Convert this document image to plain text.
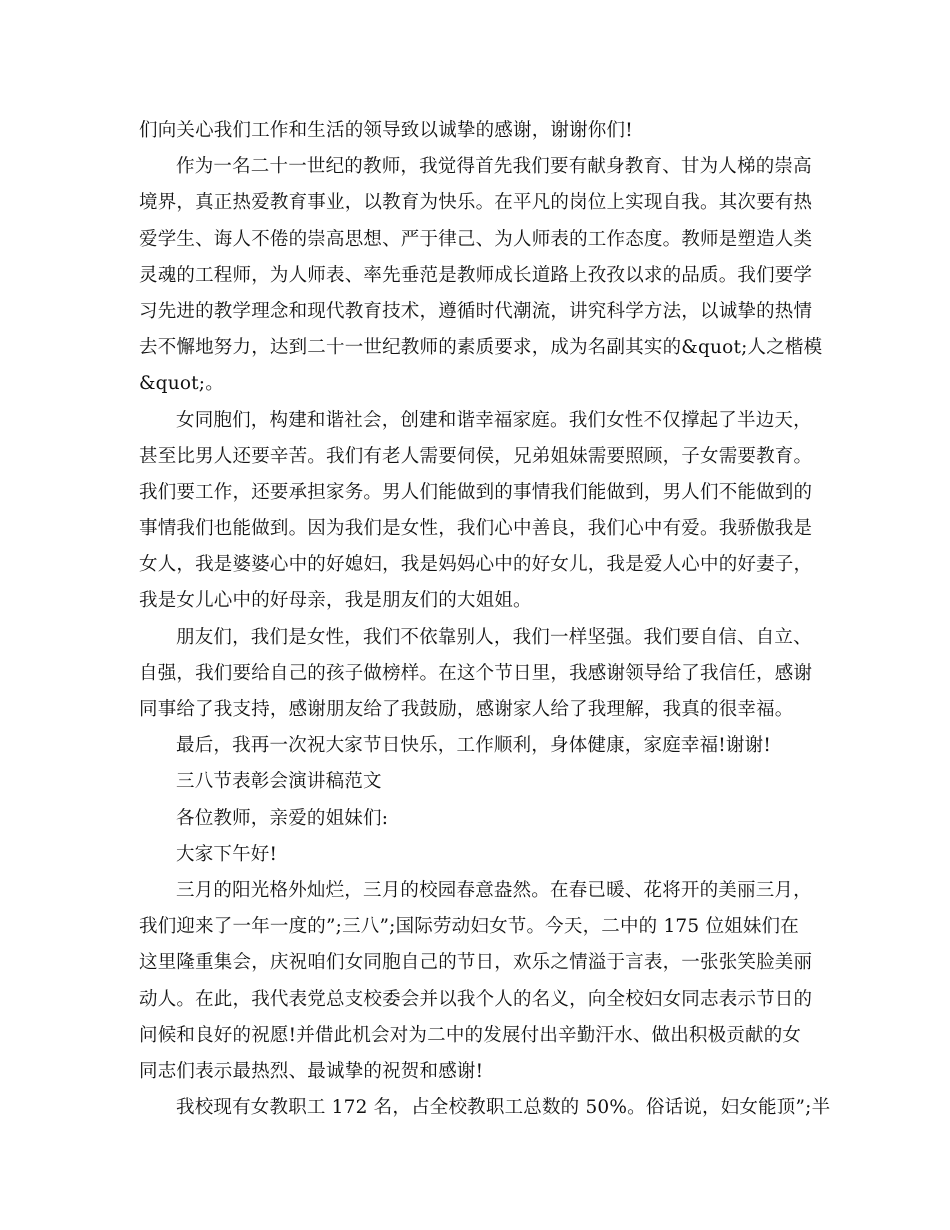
们向关心我们工作和生活的领导致以诚挚的感谢，谢谢你们!
作为一名二十一世纪的教师，我觉得首先我们要有献身教育、甘为人梯的崇高
境界，真正热爱教育事业，以教育为快乐。在平凡的岗位上实现自我。其次要有热
爱学生、诲人不倦的崇高思想、严于律己、为人师表的工作态度。教师是塑造人类
灵魂的工程师，为人师表、率先垂范是教师成长道路上孜孜以求的品质。我们要学
习先进的教学理念和现代教育技术，遵循时代潮流，讲究科学方法，以诚挚的热情
去不懈地努力，达到二十一世纪教师的素质要求，成为名副其实的&quot;人之楷模
&quot;。
女同胞们，构建和谐社会，创建和谐幸福家庭。我们女性不仅撑起了半边天，
甚至比男人还要辛苦。我们有老人需要伺侯，兄弟姐妹需要照顾，子女需要教育。
我们要工作，还要承担家务。男人们能做到的事情我们能做到，男人们不能做到的
事情我们也能做到。因为我们是女性，我们心中善良，我们心中有爱。我骄傲我是
女人，我是婆婆心中的好媳妇，我是妈妈心中的好女儿，我是爱人心中的好妻子，
我是女儿心中的好母亲，我是朋友们的大姐姐。
朋友们，我们是女性，我们不依靠别人，我们一样坚强。我们要自信、自立、
自强，我们要给自己的孩子做榜样。在这个节日里，我感谢领导给了我信任，感谢
同事给了我支持，感谢朋友给了我鼓励，感谢家人给了我理解，我真的很幸福。
最后，我再一次祝大家节日快乐，工作顺利，身体健康，家庭幸福!谢谢!
三八节表彰会演讲稿范文
各位教师，亲爱的姐妹们:
大家下午好!
三月的阳光格外灿烂，三月的校园春意盎然。在春已暖、花将开的美丽三月，
我们迎来了一年一度的”;三八”;国际劳动妇女节。今天，二中的 175 位姐妹们在
这里隆重集会，庆祝咱们女同胞自己的节日，欢乐之情溢于言表，一张张笑脸美丽
动人。在此，我代表党总支校委会并以我个人的名义，向全校妇女同志表示节日的
问候和良好的祝愿!并借此机会对为二中的发展付出辛勤汗水、做出积极贡献的女
同志们表示最热烈、最诚挚的祝贺和感谢!
我校现有女教职工 172 名，占全校教职工总数的 50%。俗话说，妇女能顶”;半
